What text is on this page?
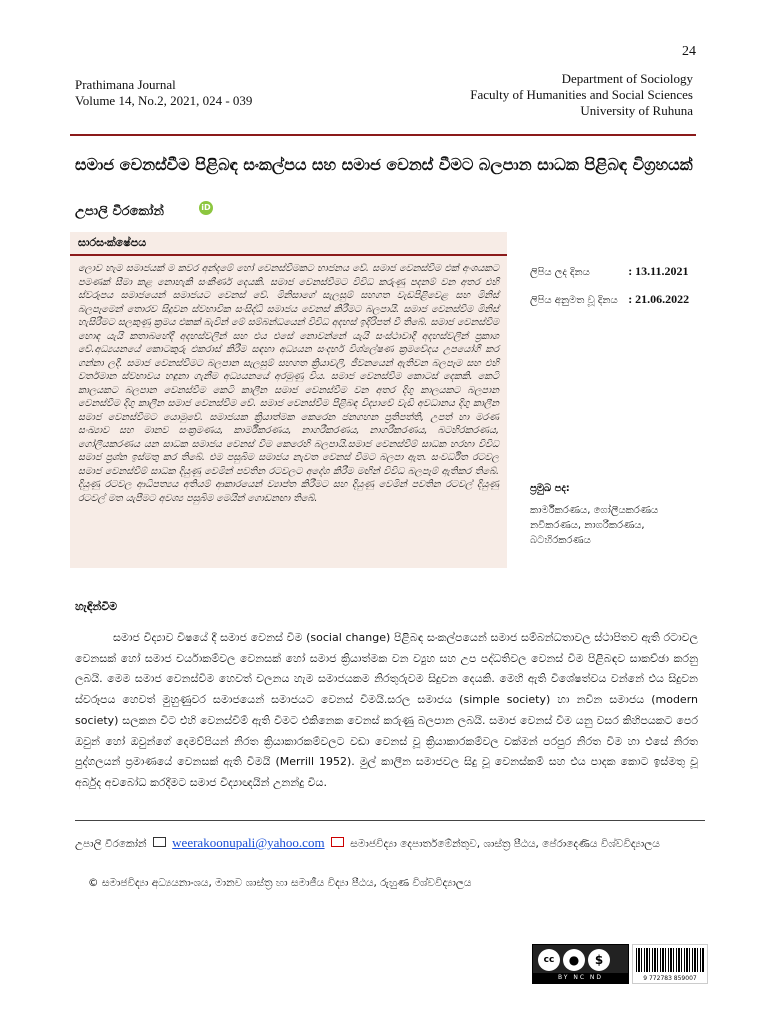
24
Prathimana Journal
Volume 14, No.2, 2021, 024 - 039
Department of Sociology
Faculty of Humanities and Social Sciences
University of Ruhuna
සමාජ වෙනස්වීම පිළිබඳ සංකල්පය සහ සමාජ වෙනස් වීමට බලපාන සාධක පිළිබඳ විග්‍රහයක්
උපාලි වීරකෝන්	iD
සාරසංක්ෂේපය
ලොව හැම සමාජයක් ම කවර අන්දමේ හෝ වෙනස්වීමකට භාජනය වේ. සමාජ වෙනස්වීම එක් අංශයකට පමණක් සීමා කළ නොහැකි සංකීර්ණ දෙයකි. සමාජ වෙනස්වීමට විවිධ කරුණු පදනම් වන අතර එහි ස්වරූපය සමාජයෙන් සමාජයට වෙනස් වේ. මිනිසාගේ සැලසුම් සහගත වැඩපිළිවෙළ සහ මිනිස් බලපෑමෙන් තොරව සිදුවන ස්වභාවික සංසිද්ධි සමාජය වෙනස් කිරීමට බලපායි. සමාජ වෙනස්වීම මිනිස් හැසිරීමට සලකුණු ක්‍රමය එකක් බැවින් මේ සම්බන්ධයෙන් විවිධ අදහස් ඉදිරිපත් වී තිබේ. සමාජ වෙනස්වීම හොඳ යැයි කතාබහේදී අදහස්වලින් සහ එය එසේ නොවන්නේ යැයි සංස්ථාවාදී අදහස්වලින් ප්‍රකාශ වේ.අධ්‍යයනයේ කොටකුරු එකරාස් කිරීම සඳහා අධ්‍යයන සංදර්භ විශ්ලේෂණ ක්‍රමවේදය උපයෝගී කර ගන්නා ලදී. සමාජ වෙනස්වීමට බලපාන සැලසුම් සහගත ක්‍රියාවලි, ජීවනයෙන් ඇතිවන බලපෑම සහ එහි වර්තමාන ස්වභාවය හඳුනා ගැනීම අධ්‍යයනයේ අරමුණු විය. සමාජ වෙනස්වීම කොටස් දෙකකි. කෙටි කාලයකට බලපාන වෙනස්වීම කෙටි කාලීන සමාජ වෙනස්වීම වන අතර දිගු කාලයකට බලපාන වෙනස්වීම දිගු කාලීන සමාජ වෙනස්වීම වේ. සමාජ වෙනස්වීම පිළිබඳ විද්‍යාවේ වැඩි අවධානය දිගු කාලීන සමාජ වෙනස්වීමට යොමුවේ. සමාජයක ක්‍රියාත්මක කෙරෙන ජනගහන ප්‍රතිපත්ති, උපත් හා මරණ සංඛ්‍යාව සහ මානව සංක්‍රමණය, කාර්මීකරණය, නාගරීකරණය, නාගරීකරණය, බටහිරකරණය, ගෝලීයකරණය යන සාධක සමාජය වෙනස් වීම කෙරෙහි බලපායි.සමාජ වෙනස්වීම් සාධක හරහා විවිධ සමාජ ප්‍රශ්න ඉස්මතු කර තිබේ. එම පසුබිම සමාජය නැවත වෙනස් වීමට බලපා ඇත. සංවර්ධිත රටවල සමාජ වෙනස්වීම් සාධක දියුණු වෙමින් පවතින රටවලට අදේශ කිරීම මඟින් විවිධ බලපෑම් ඇතිකර තිබේ. දියුණු රටවල ආධිපත්‍යය අතියම් ආකාරයෙන් ව්‍යාප්ත කිරීමට සහ දියුණු වෙමින් පවතින රටවල් දියුණු රටවල් මත යැපීමට අවශ්‍ය පසුබිම මෙයින් ගොඩනඟා තිබේ.
ලිපිය ලද දිනය	: 13.11.2021
ලිපිය අනුමත වූ දිනය : 21.06.2022
ප්‍රමුඛ පද:
කාර්මීකරණය, ගෝලීයකරණය නවීකරණය, නාගරීකරණය, බටහිරකරණය
හැඳින්වීම
සමාජ විද්‍යාව විෂයේ දී සමාජ වෙනස් වීම (social change) පිළිබඳ සංකල්පයෙන් සමාජ සම්බන්ධතාවල ස්ථාපිතව ඇති රටාවල වෙනසක් හෝ සමාජ චර්යාකම්වල වෙනසක් හෝ සමාජ ක්‍රියාත්මක වන ව්‍යුහ සහ උප පද්ධතිවල වෙනස් වීම පිළිබඳව සාකච්ඡා කරනු ලබයි. මෙම සමාජ වෙනස්වීම හෙවත් චලනය හැම සමාජයකම නිරතුරුවම සිදුවන දෙයකි. මෙහි ඇති විශේෂත්වය වන්නේ එය සිදුවන ස්වරූපය හෙවත් මුහුණුවර සමාජයෙන් සමාජයට වෙනස් විමයි.සරල සමාජය (simple society) හා නවීන සමාජය (modern society) සලකන විට එහි වෙනස්වීම් ඇති වීමට එකිනෙක වෙනස් කරුණු බලපාන ලබයි. සමාජ වෙනස් වීම යනු වසර කිහිපයකට පෙර ඔවුන් හෝ ඔවුන්ගේ දෙමව්පියන් නිරත ක්‍රියාකාරකම්වලට වඩා වෙනස් වූ ක්‍රියාකාරකම්වල වක්මන් පරපුර නිරත වීම හා එසේ නිරත පුද්ගලයන් ප්‍රමාණයේ වෙනසක් ඇති වීමයි (Merrill 1952). මුල් කාලීන සමාජවල සිදු වූ වෙනස්කම් සහ එය පාදක කොට ඉස්මතු වූ අර්බුද අවබෝධ කරදීමට සමාජ විද්‍යාඥයින් උනන්දු විය.
උපාලි වීරකෝන් weerakoonupali@yahoo.com සමාජවිද්‍යා දෙපාර්තමේන්තුව, ශාස්ත්‍ර පීඨය, පේරාදෙණිය විශ්වවිද්‍යාලය
© සමාජවිද්‍යා අධ්‍යයනාංශය, මානව ශාස්ත්‍ර හා සමාජීය විද්‍යා පීඨය, රුහුණ විශ්වවිද්‍යාලය
cc	●	$
BY NC ND	9 772783 859007
